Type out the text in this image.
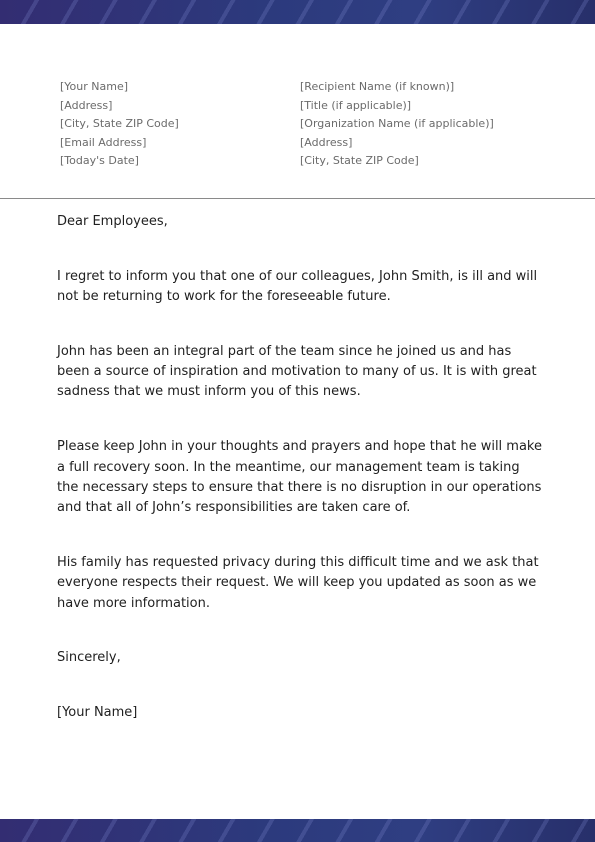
[Your Name]
[Address]
[City, State ZIP Code]
[Email Address]
[Today's Date]
[Recipient Name (if known)]
[Title (if applicable)]
[Organization Name (if applicable)]
[Address]
[City, State ZIP Code]

Dear Employees,

I regret to inform you that one of our colleagues, John Smith, is ill and will not be returning to work for the foreseeable future.

John has been an integral part of the team since he joined us and has been a source of inspiration and motivation to many of us. It is with great sadness that we must inform you of this news.

Please keep John in your thoughts and prayers and hope that he will make a full recovery soon. In the meantime, our management team is taking the necessary steps to ensure that there is no disruption in our operations and that all of John’s responsibilities are taken care of.

His family has requested privacy during this difficult time and we ask that everyone respects their request. We will keep you updated as soon as we have more information.

Sincerely,

[Your Name]
